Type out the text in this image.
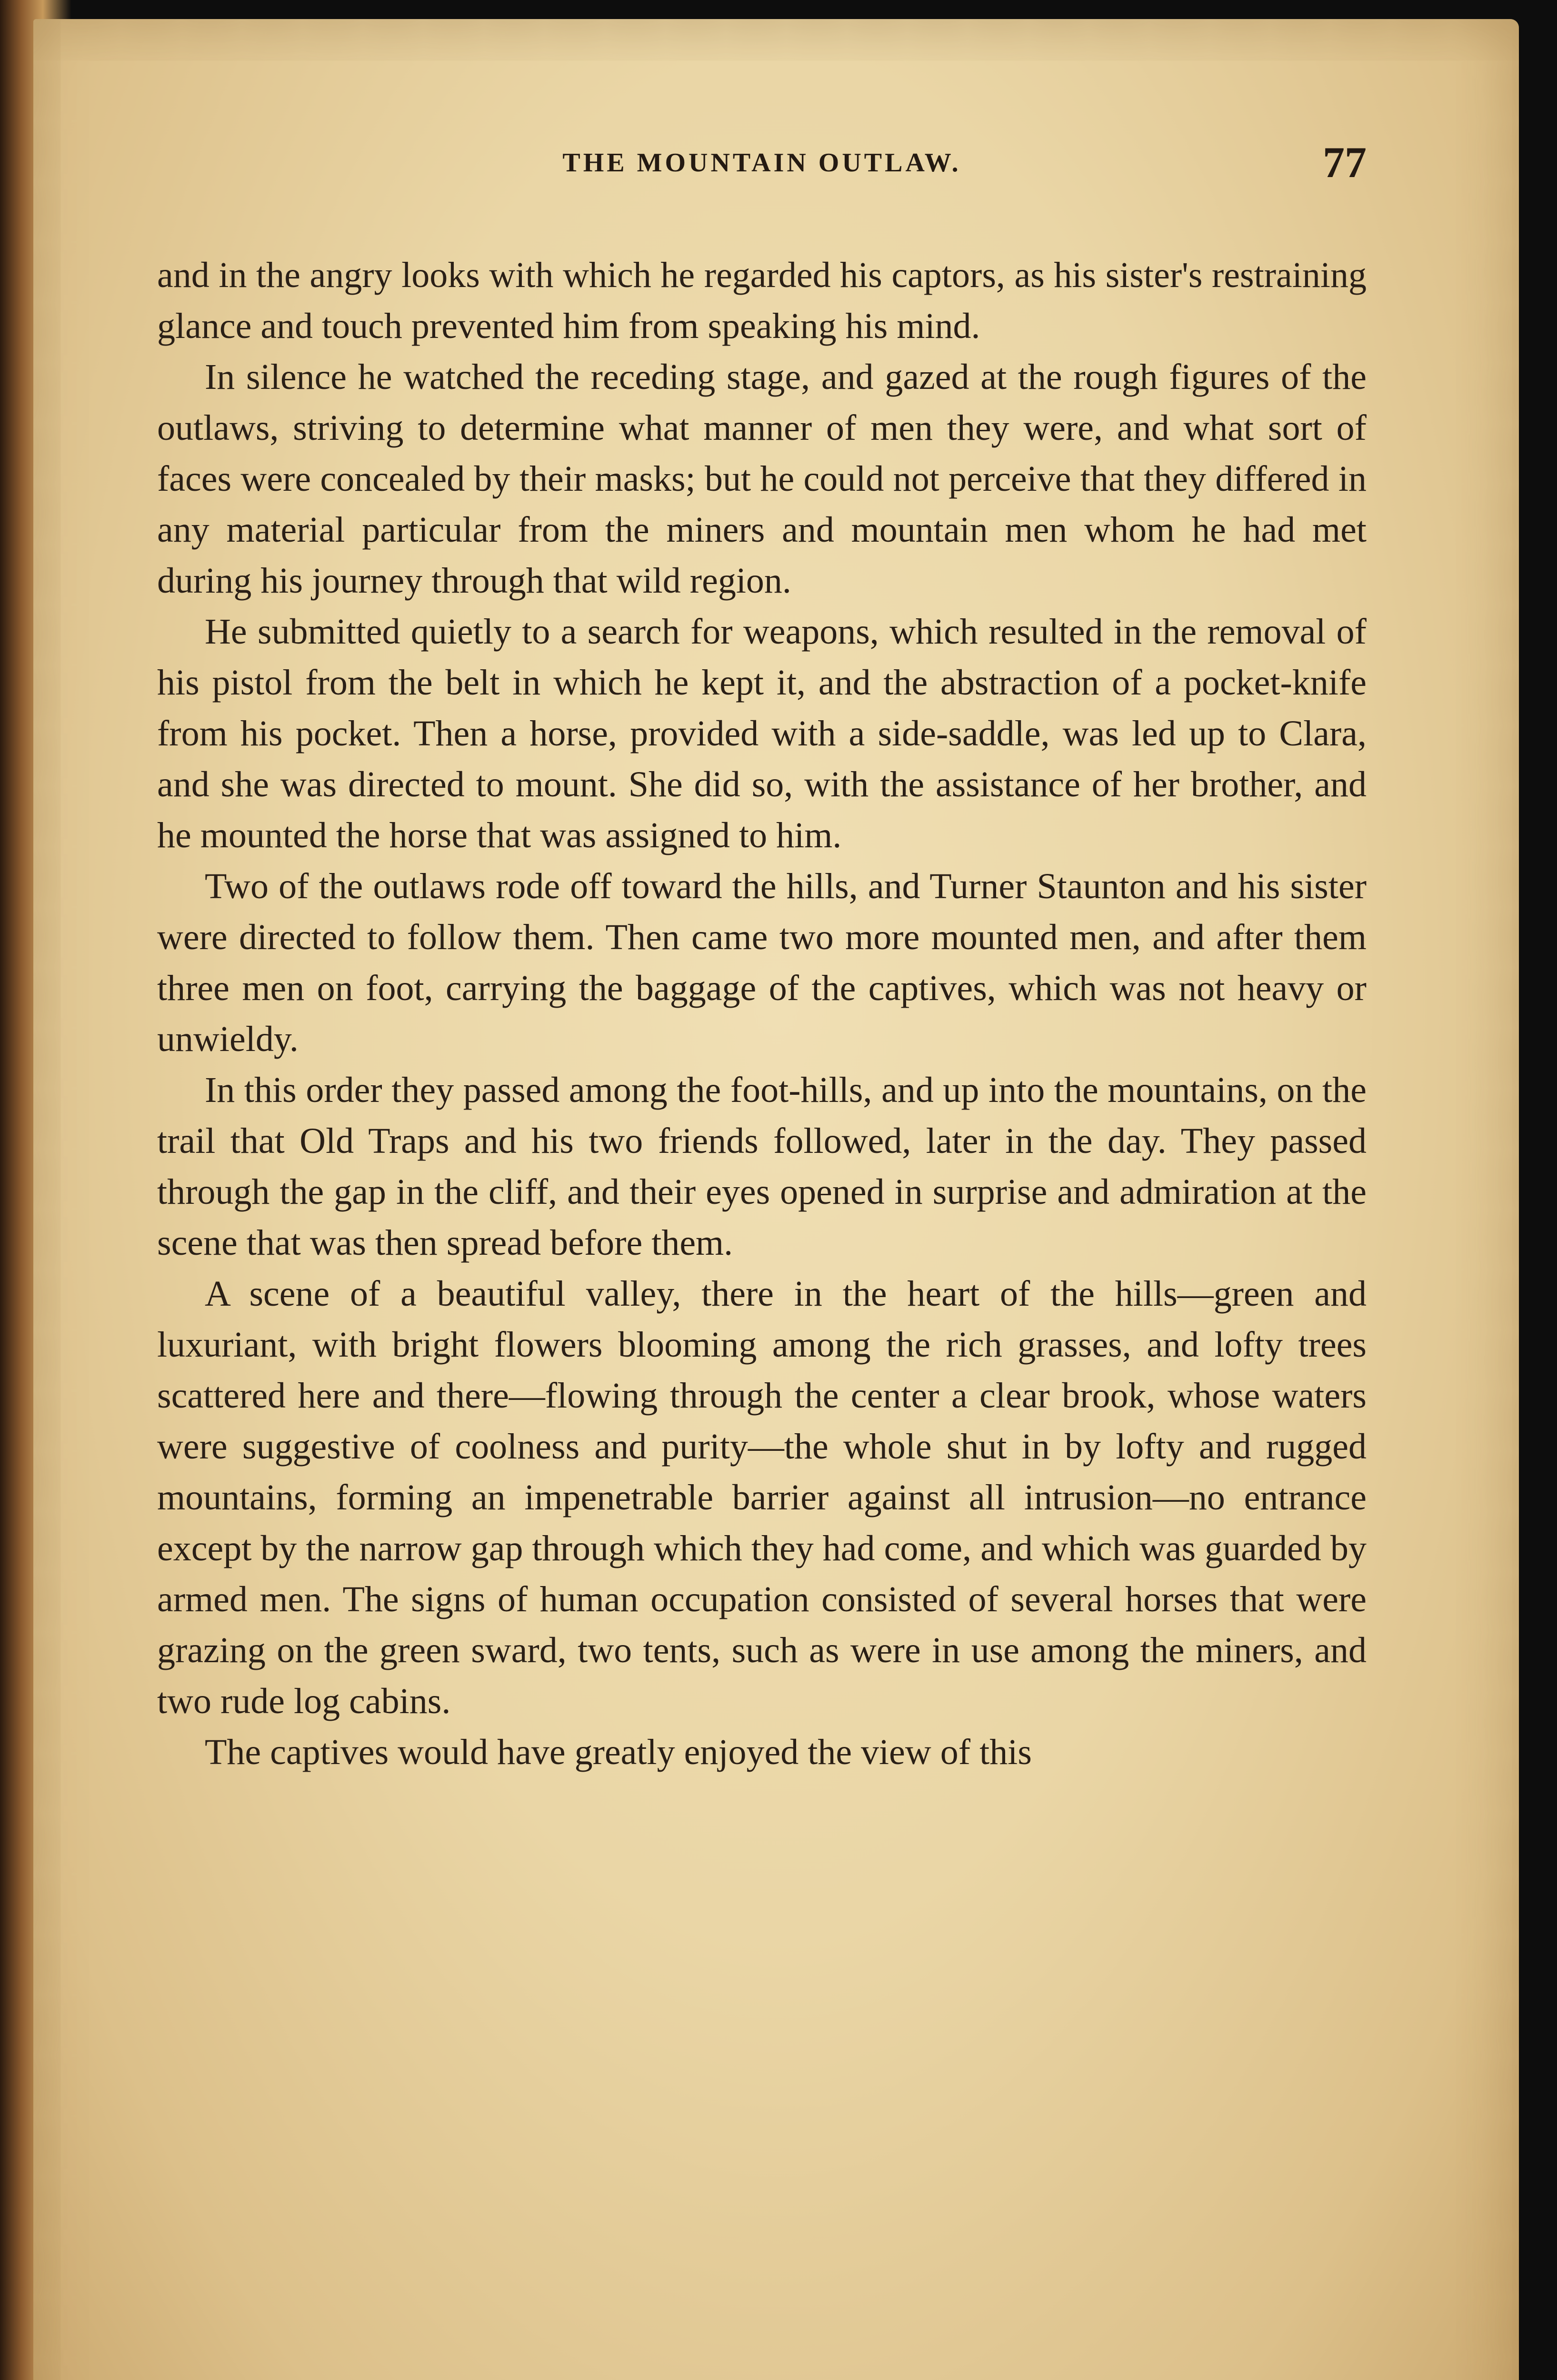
THE MOUNTAIN OUTLAW.	77

and in the angry looks with which he regarded his captors, as his sister's restraining glance and touch prevented him from speaking his mind.

In silence he watched the receding stage, and gazed at the rough figures of the outlaws, striving to determine what manner of men they were, and what sort of faces were concealed by their masks; but he could not perceive that they differed in any material particular from the miners and mountain men whom he had met during his journey through that wild region.

He submitted quietly to a search for weapons, which resulted in the removal of his pistol from the belt in which he kept it, and the abstraction of a pocket-knife from his pocket. Then a horse, provided with a side-saddle, was led up to Clara, and she was directed to mount. She did so, with the assistance of her brother, and he mounted the horse that was assigned to him.

Two of the outlaws rode off toward the hills, and Turner Staunton and his sister were directed to follow them. Then came two more mounted men, and after them three men on foot, carrying the baggage of the captives, which was not heavy or unwieldy.

In this order they passed among the foot-hills, and up into the mountains, on the trail that Old Traps and his two friends followed, later in the day. They passed through the gap in the cliff, and their eyes opened in surprise and admiration at the scene that was then spread before them.

A scene of a beautiful valley, there in the heart of the hills—green and luxuriant, with bright flowers blooming among the rich grasses, and lofty trees scattered here and there—flowing through the center a clear brook, whose waters were suggestive of coolness and purity—the whole shut in by lofty and rugged mountains, forming an impenetrable barrier against all intrusion—no entrance except by the narrow gap through which they had come, and which was guarded by armed men. The signs of human occupation consisted of several horses that were grazing on the green sward, two tents, such as were in use among the miners, and two rude log cabins.

The captives would have greatly enjoyed the view of this
